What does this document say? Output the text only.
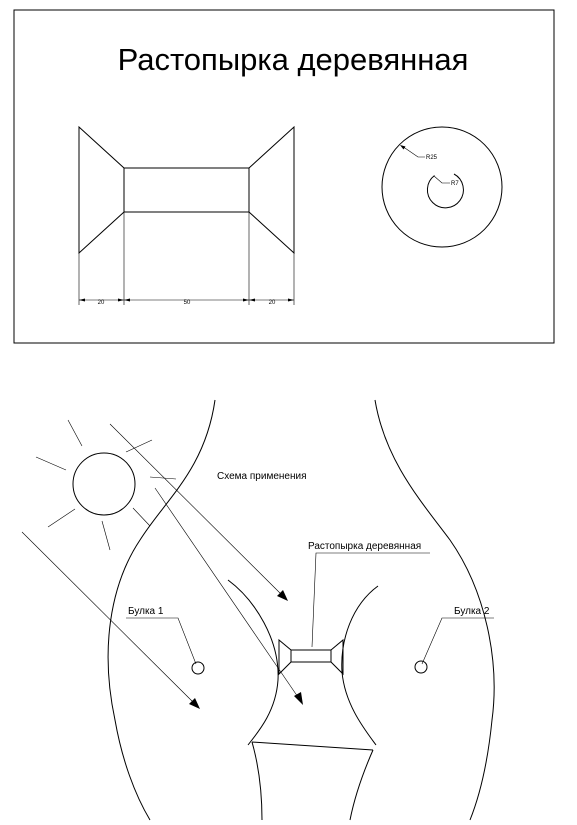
Растопырка деревянная
20	50	20
R25
R7
Схема применения
Растопырка деревянная
Булка 1	Булка 2
